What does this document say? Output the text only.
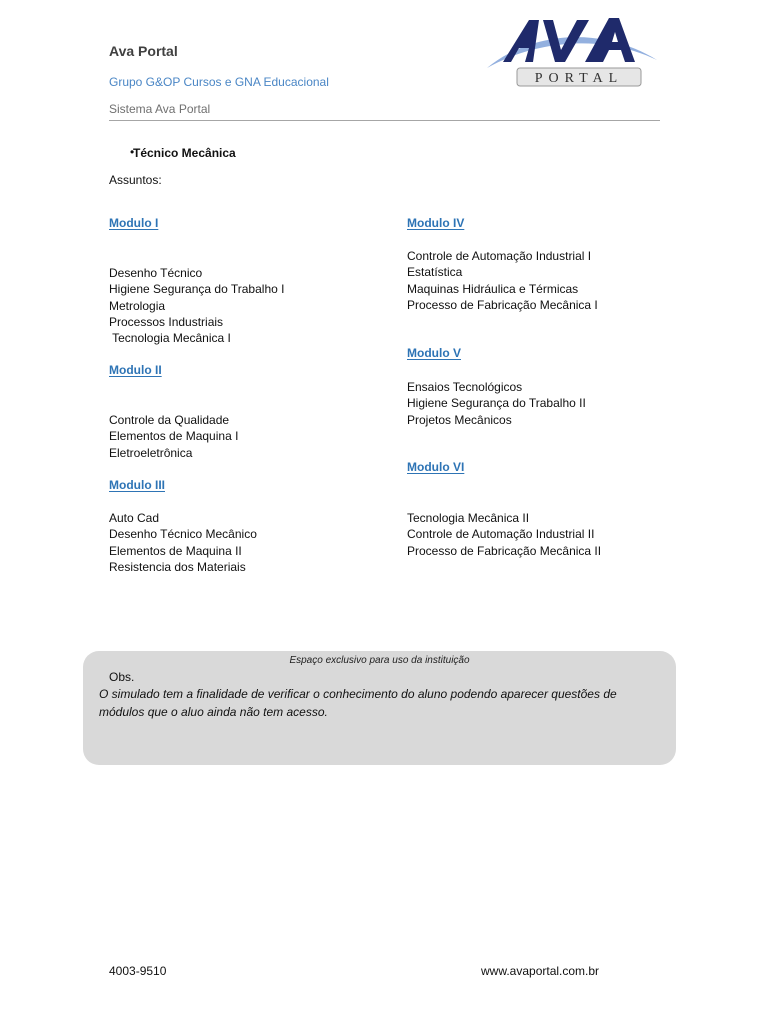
Ava Portal
Grupo G&OP Cursos e GNA Educacional
Sistema Ava Portal
PORTAL
•
Técnico Mecânica
Assuntos:
Modulo I
Desenho Técnico
Higiene Segurança do Trabalho I
Metrologia
Processos Industriais
Tecnologia Mecânica I
Modulo II
Controle da Qualidade
Elementos de Maquina I
Eletroeletrônica
Modulo III
Auto Cad
Desenho Técnico Mecânico
Elementos de Maquina II
Resistencia dos Materiais
Modulo IV
Controle de Automação Industrial I
Estatística
Maquinas Hidráulica e Térmicas
Processo de Fabricação Mecânica I
Modulo V
Ensaios Tecnológicos
Higiene Segurança do Trabalho II
Projetos Mecânicos
Modulo VI
Tecnologia Mecânica II
Controle de Automação Industrial II
Processo de Fabricação Mecânica II
Espaço exclusivo para uso da instituição
Obs.
O simulado tem a finalidade de verificar o conhecimento do aluno podendo aparecer questões de módulos que o aluo ainda não tem acesso.
4003-9510	www.avaportal.com.br
